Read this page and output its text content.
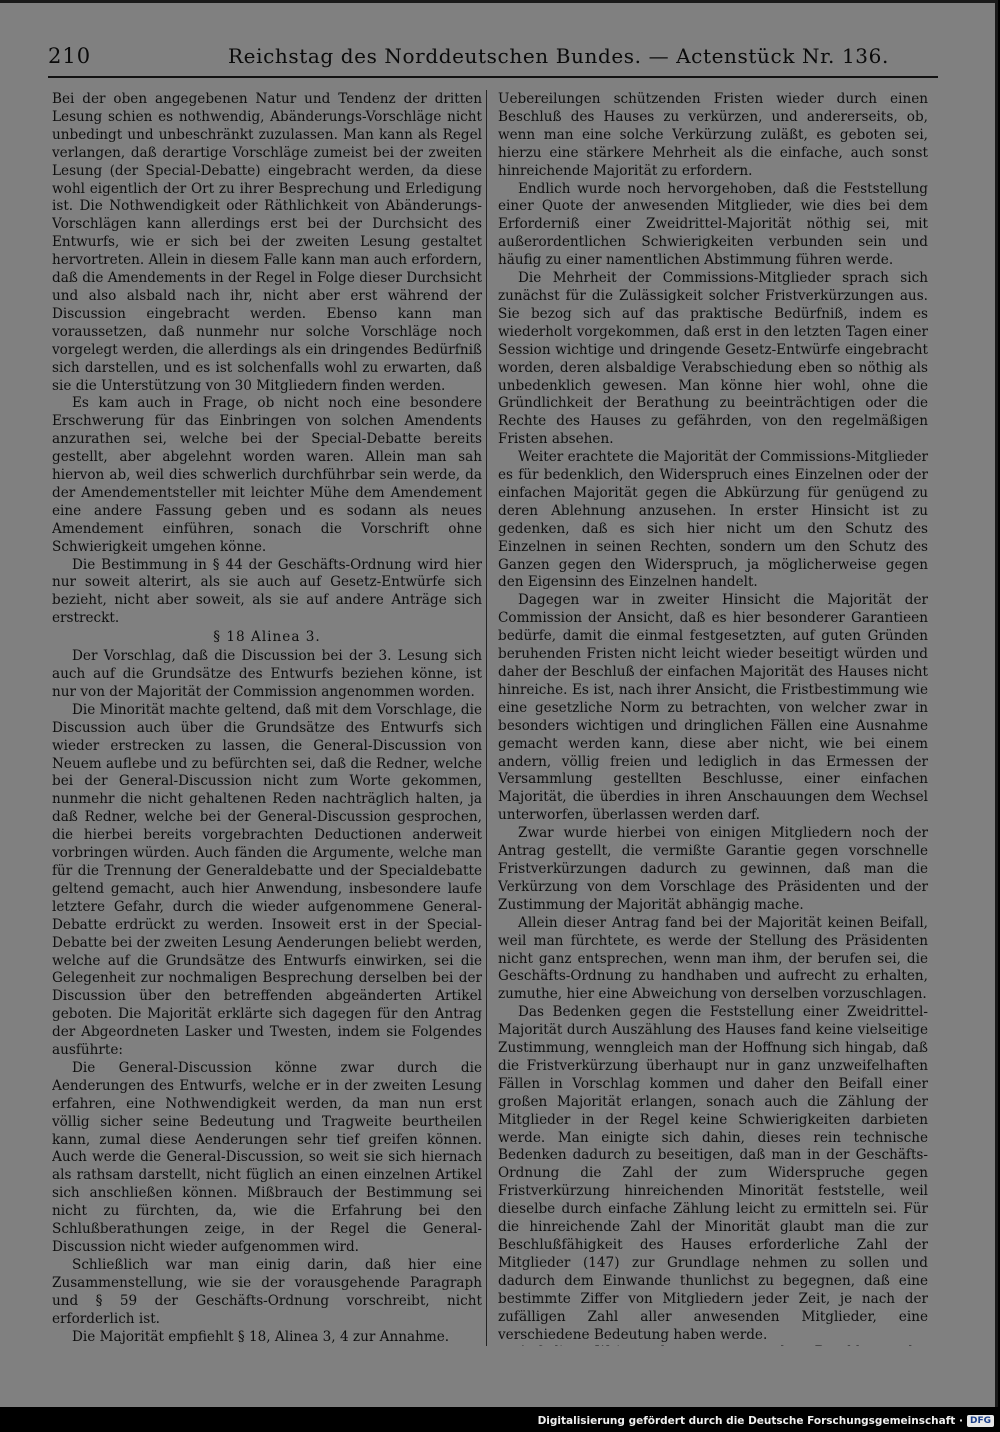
210	Reichstag des Norddeutschen Bundes. — Actenstück Nr. 136.

Bei der oben angegebenen Natur und Tendenz der dritten Lesung schien es nothwendig, Abänderungs-Vorschläge nicht unbedingt und unbeschränkt zuzulassen. Man kann als Regel verlangen, daß derartige Vorschläge zumeist bei der zweiten Lesung (der Special-Debatte) eingebracht werden, da diese wohl eigentlich der Ort zu ihrer Besprechung und Erledigung ist. Die Nothwendigkeit oder Räthlichkeit von Abänderungs-Vorschlägen kann allerdings erst bei der Durchsicht des Entwurfs, wie er sich bei der zweiten Lesung gestaltet hervortreten. Allein in diesem Falle kann man auch erfordern, daß die Amendements in der Regel in Folge dieser Durchsicht und also alsbald nach ihr, nicht aber erst während der Discussion eingebracht werden. Ebenso kann man voraussetzen, daß nunmehr nur solche Vorschläge noch vorgelegt werden, die allerdings als ein dringendes Bedürfniß sich darstellen, und es ist solchenfalls wohl zu erwarten, daß sie die Unterstützung von 30 Mitgliedern finden werden.

Es kam auch in Frage, ob nicht noch eine besondere Erschwerung für das Einbringen von solchen Amendents anzurathen sei, welche bei der Special-Debatte bereits gestellt, aber abgelehnt worden waren. Allein man sah hiervon ab, weil dies schwerlich durchführbar sein werde, da der Amendementsteller mit leichter Mühe dem Amendement eine andere Fassung geben und es sodann als neues Amendement einführen, sonach die Vorschrift ohne Schwierigkeit umgehen könne.

Die Bestimmung in § 44 der Geschäfts-Ordnung wird hier nur soweit alterirt, als sie auch auf Gesetz-Entwürfe sich bezieht, nicht aber soweit, als sie auf andere Anträge sich erstreckt.

§ 18 Alinea 3.

Der Vorschlag, daß die Discussion bei der 3. Lesung sich auch auf die Grundsätze des Entwurfs beziehen könne, ist nur von der Majorität der Commission angenommen worden.

Die Minorität machte geltend, daß mit dem Vorschlage, die Discussion auch über die Grundsätze des Entwurfs sich wieder erstrecken zu lassen, die General-Discussion von Neuem auflebe und zu befürchten sei, daß die Redner, welche bei der General-Discussion nicht zum Worte gekommen, nunmehr die nicht gehaltenen Reden nachträglich halten, ja daß Redner, welche bei der General-Discussion gesprochen, die hierbei bereits vorgebrachten Deductionen anderweit vorbringen würden. Auch fänden die Argumente, welche man für die Trennung der Generaldebatte und der Specialdebatte geltend gemacht, auch hier Anwendung, insbesondere laufe letztere Gefahr, durch die wieder aufgenommene General-Debatte erdrückt zu werden. Insoweit erst in der Special-Debatte bei der zweiten Lesung Aenderungen beliebt werden, welche auf die Grundsätze des Entwurfs einwirken, sei die Gelegenheit zur nochmaligen Besprechung derselben bei der Discussion über den betreffenden abgeänderten Artikel geboten. Die Majorität erklärte sich dagegen für den Antrag der Abgeordneten Lasker und Twesten, indem sie Folgendes ausführte:

Die General-Discussion könne zwar durch die Aenderungen des Entwurfs, welche er in der zweiten Lesung erfahren, eine Nothwendigkeit werden, da man nun erst völlig sicher seine Bedeutung und Tragweite beurtheilen kann, zumal diese Aenderungen sehr tief greifen können. Auch werde die General-Discussion, so weit sie sich hiernach als rathsam darstellt, nicht füglich an einen einzelnen Artikel sich anschließen können. Mißbrauch der Bestimmung sei nicht zu fürchten, da, wie die Erfahrung bei den Schlußberathungen zeige, in der Regel die General-Discussion nicht wieder aufgenommen wird.

Schließlich war man einig darin, daß hier eine Zusammenstellung, wie sie der vorausgehende Paragraph und § 59 der Geschäfts-Ordnung vorschreibt, nicht erforderlich ist.

Die Majorität empfiehlt § 18, Alinea 3, 4 zur Annahme.

Uebereilungen schützenden Fristen wieder durch einen Beschluß des Hauses zu verkürzen, und andererseits, ob, wenn man eine solche Verkürzung zuläßt, es geboten sei, hierzu eine stärkere Mehrheit als die einfache, auch sonst hinreichende Majorität zu erfordern.

Endlich wurde noch hervorgehoben, daß die Feststellung einer Quote der anwesenden Mitglieder, wie dies bei dem Erforderniß einer Zweidrittel-Majorität nöthig sei, mit außerordentlichen Schwierigkeiten verbunden sein und häufig zu einer namentlichen Abstimmung führen werde.

Die Mehrheit der Commissions-Mitglieder sprach sich zunächst für die Zulässigkeit solcher Fristverkürzungen aus. Sie bezog sich auf das praktische Bedürfniß, indem es wiederholt vorgekommen, daß erst in den letzten Tagen einer Session wichtige und dringende Gesetz-Entwürfe eingebracht worden, deren alsbaldige Verabschiedung eben so nöthig als unbedenklich gewesen. Man könne hier wohl, ohne die Gründlichkeit der Berathung zu beeinträchtigen oder die Rechte des Hauses zu gefährden, von den regelmäßigen Fristen absehen.

Weiter erachtete die Majorität der Commissions-Mitglieder es für bedenklich, den Widerspruch eines Einzelnen oder der einfachen Majorität gegen die Abkürzung für genügend zu deren Ablehnung anzusehen. In erster Hinsicht ist zu gedenken, daß es sich hier nicht um den Schutz des Einzelnen in seinen Rechten, sondern um den Schutz des Ganzen gegen den Widerspruch, ja möglicherweise gegen den Eigensinn des Einzelnen handelt.

Dagegen war in zweiter Hinsicht die Majorität der Commission der Ansicht, daß es hier besonderer Garantieen bedürfe, damit die einmal festgesetzten, auf guten Gründen beruhenden Fristen nicht leicht wieder beseitigt würden und daher der Beschluß der einfachen Majorität des Hauses nicht hinreiche. Es ist, nach ihrer Ansicht, die Fristbestimmung wie eine gesetzliche Norm zu betrachten, von welcher zwar in besonders wichtigen und dringlichen Fällen eine Ausnahme gemacht werden kann, diese aber nicht, wie bei einem andern, völlig freien und lediglich in das Ermessen der Versammlung gestellten Beschlusse, einer einfachen Majorität, die überdies in ihren Anschauungen dem Wechsel unterworfen, überlassen werden darf.

Zwar wurde hierbei von einigen Mitgliedern noch der Antrag gestellt, die vermißte Garantie gegen vorschnelle Fristverkürzungen dadurch zu gewinnen, daß man die Verkürzung von dem Vorschlage des Präsidenten und der Zustimmung der Majorität abhängig mache.

Allein dieser Antrag fand bei der Majorität keinen Beifall, weil man fürchtete, es werde der Stellung des Präsidenten nicht ganz entsprechen, wenn man ihm, der berufen sei, die Geschäfts-Ordnung zu handhaben und aufrecht zu erhalten, zumuthe, hier eine Abweichung von derselben vorzuschlagen.

Das Bedenken gegen die Feststellung einer Zweidrittel-Majorität durch Auszählung des Hauses fand keine vielseitige Zustimmung, wenngleich man der Hoffnung sich hingab, daß die Fristverkürzung überhaupt nur in ganz unzweifelhaften Fällen in Vorschlag kommen und daher den Beifall einer großen Majorität erlangen, sonach auch die Zählung der Mitglieder in der Regel keine Schwierigkeiten darbieten werde. Man einigte sich dahin, dieses rein technische Bedenken dadurch zu beseitigen, daß man in der Geschäfts-Ordnung die Zahl der zum Widerspruche gegen Fristverkürzung hinreichenden Minorität feststelle, weil dieselbe durch einfache Zählung leicht zu ermitteln sei. Für die hinreichende Zahl der Minorität glaubt man die zur Beschlußfähigkeit des Hauses erforderliche Zahl der Mitglieder (147) zur Grundlage nehmen zu sollen und dadurch dem Einwande thunlichst zu begegnen, daß eine bestimmte Ziffer von Mitgliedern jeder Zeit, je nach der zufälligen Zahl aller anwesenden Mitglieder, eine verschiedene Bedeutung haben werde.

Digitalisierung gefördert durch die Deutsche Forschungsgemeinschaft · DFG
